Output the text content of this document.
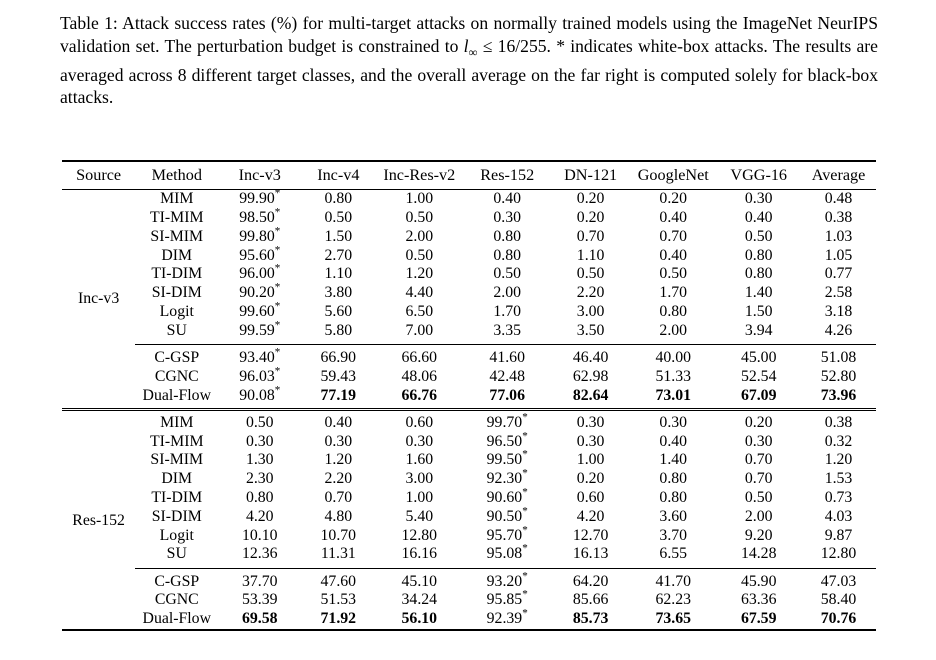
Table 1: Attack success rates (%) for multi-target attacks on normally trained models using the ImageNet NeurIPS validation set. The perturbation budget is constrained to $l_\infty \le 16/255$. * indicates white-box attacks. The results are averaged across 8 different target classes, and the overall average on the far right is computed solely for black-box attacks.

Source	Method	Inc-v3	Inc-v4	Inc-Res-v2	Res-152	DN-121	GoogleNet	VGG-16	Average
Inc-v3	MIM	99.90*	0.80	1.00	0.40	0.20	0.20	0.30	0.48
	TI-MIM	98.50*	0.50	0.50	0.30	0.20	0.40	0.40	0.38
	SI-MIM	99.80*	1.50	2.00	0.80	0.70	0.70	0.50	1.03
	DIM	95.60*	2.70	0.50	0.80	1.10	0.40	0.80	1.05
	TI-DIM	96.00*	1.10	1.20	0.50	0.50	0.50	0.80	0.77
	SI-DIM	90.20*	3.80	4.40	2.00	2.20	1.70	1.40	2.58
	Logit	99.60*	5.60	6.50	1.70	3.00	0.80	1.50	3.18
	SU	99.59*	5.80	7.00	3.35	3.50	2.00	3.94	4.26
	C-GSP	93.40*	66.90	66.60	41.60	46.40	40.00	45.00	51.08
	CGNC	96.03*	59.43	48.06	42.48	62.98	51.33	52.54	52.80
	Dual-Flow	90.08*	77.19	66.76	77.06	82.64	73.01	67.09	73.96
Res-152	MIM	0.50	0.40	0.60	99.70*	0.30	0.30	0.20	0.38
	TI-MIM	0.30	0.30	0.30	96.50*	0.30	0.40	0.30	0.32
	SI-MIM	1.30	1.20	1.60	99.50*	1.00	1.40	0.70	1.20
	DIM	2.30	2.20	3.00	92.30*	0.20	0.80	0.70	1.53
	TI-DIM	0.80	0.70	1.00	90.60*	0.60	0.80	0.50	0.73
	SI-DIM	4.20	4.80	5.40	90.50*	4.20	3.60	2.00	4.03
	Logit	10.10	10.70	12.80	95.70*	12.70	3.70	9.20	9.87
	SU	12.36	11.31	16.16	95.08*	16.13	6.55	14.28	12.80
	C-GSP	37.70	47.60	45.10	93.20*	64.20	41.70	45.90	47.03
	CGNC	53.39	51.53	34.24	95.85*	85.66	62.23	63.36	58.40
	Dual-Flow	69.58	71.92	56.10	92.39*	85.73	73.65	67.59	70.76
